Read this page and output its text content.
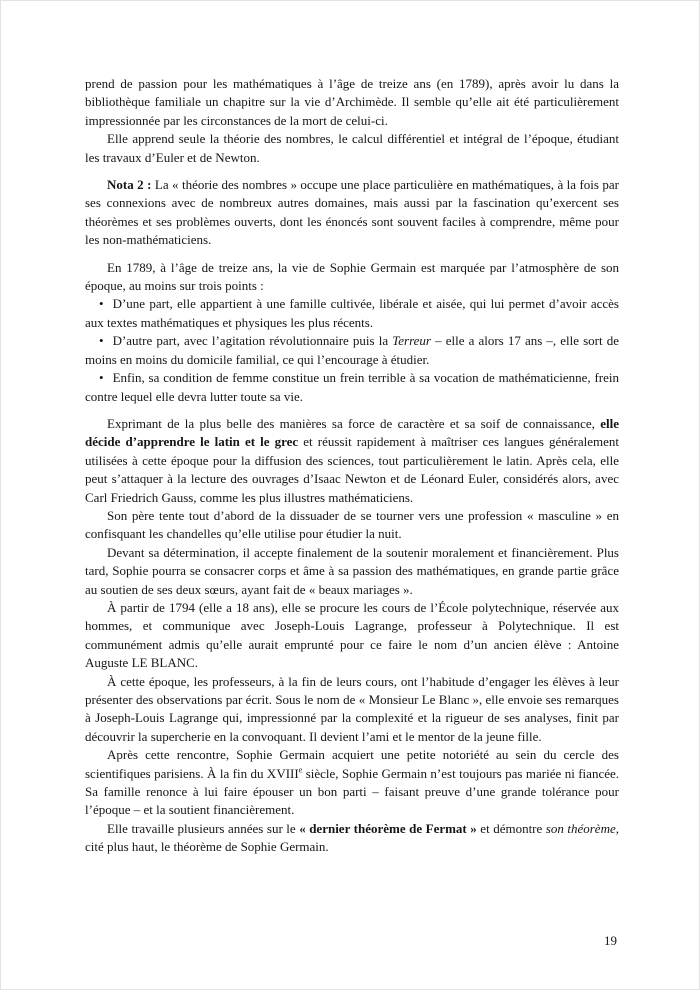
prend de passion pour les mathématiques à l’âge de treize ans (en 1789), après avoir lu dans la bibliothèque familiale un chapitre sur la vie d’Archimède. Il semble qu’elle ait été particulièrement impressionnée par les circonstances de la mort de celui-ci.

Elle apprend seule la théorie des nombres, le calcul différentiel et intégral de l’époque, étudiant les travaux d’Euler et de Newton.

Nota 2 : La « théorie des nombres » occupe une place particulière en mathématiques, à la fois par ses connexions avec de nombreux autres domaines, mais aussi par la fascination qu’exercent ses théorèmes et ses problèmes ouverts, dont les énoncés sont souvent faciles à comprendre, même pour les non-mathématiciens.

En 1789, à l’âge de treize ans, la vie de Sophie Germain est marquée par l’atmosphère de son époque, au moins sur trois points :

• D’une part, elle appartient à une famille cultivée, libérale et aisée, qui lui permet d’avoir accès aux textes mathématiques et physiques les plus récents.

• D’autre part, avec l’agitation révolutionnaire puis la Terreur – elle a alors 17 ans –, elle sort de moins en moins du domicile familial, ce qui l’encourage à étudier.

• Enfin, sa condition de femme constitue un frein terrible à sa vocation de mathématicienne, frein contre lequel elle devra lutter toute sa vie.

Exprimant de la plus belle des manières sa force de caractère et sa soif de connaissance, elle décide d’apprendre le latin et le grec et réussit rapidement à maîtriser ces langues généralement utilisées à cette époque pour la diffusion des sciences, tout particulièrement le latin. Après cela, elle peut s’attaquer à la lecture des ouvrages d’Isaac Newton et de Léonard Euler, considérés alors, avec Carl Friedrich Gauss, comme les plus illustres mathématiciens.

Son père tente tout d’abord de la dissuader de se tourner vers une profession « masculine » en confisquant les chandelles qu’elle utilise pour étudier la nuit.

Devant sa détermination, il accepte finalement de la soutenir moralement et financièrement. Plus tard, Sophie pourra se consacrer corps et âme à sa passion des mathématiques, en grande partie grâce au soutien de ses deux sœurs, ayant fait de « beaux mariages ».

À partir de 1794 (elle a 18 ans), elle se procure les cours de l’École polytechnique, réservée aux hommes, et communique avec Joseph-Louis Lagrange, professeur à Polytechnique. Il est communément admis qu’elle aurait emprunté pour ce faire le nom d’un ancien élève : Antoine Auguste LE BLANC.

À cette époque, les professeurs, à la fin de leurs cours, ont l’habitude d’engager les élèves à leur présenter des observations par écrit. Sous le nom de « Monsieur Le Blanc », elle envoie ses remarques à Joseph-Louis Lagrange qui, impressionné par la complexité et la rigueur de ses analyses, finit par découvrir la supercherie en la convoquant. Il devient l’ami et le mentor de la jeune fille.

Après cette rencontre, Sophie Germain acquiert une petite notoriété au sein du cercle des scientifiques parisiens. À la fin du XVIIIe siècle, Sophie Germain n’est toujours pas mariée ni fiancée. Sa famille renonce à lui faire épouser un bon parti – faisant preuve d’une grande tolérance pour l’époque – et la soutient financièrement.

Elle travaille plusieurs années sur le « dernier théorème de Fermat » et démontre son théorème, cité plus haut, le théorème de Sophie Germain.

19
